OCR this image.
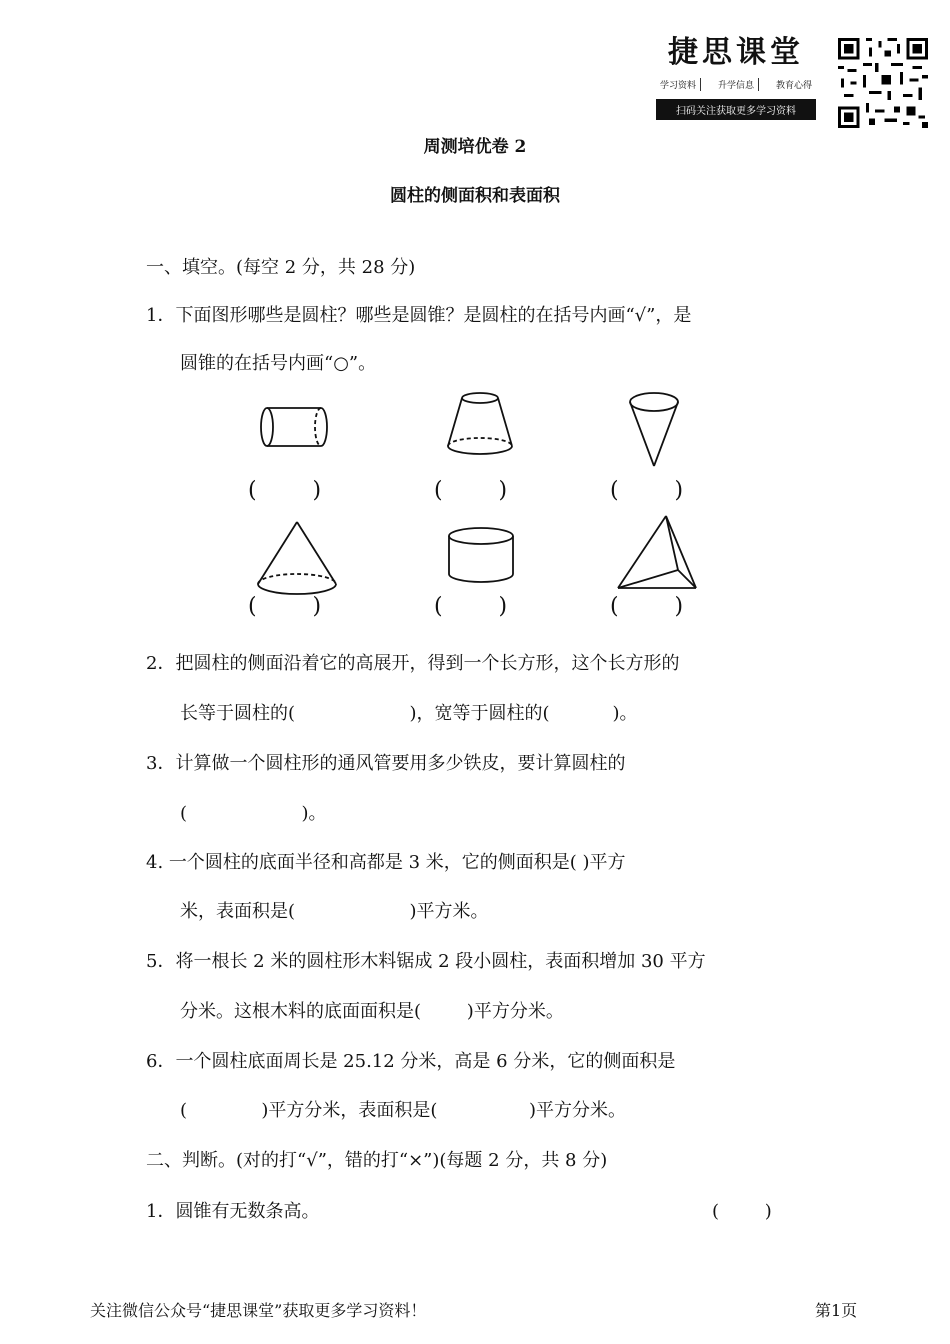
捷思课堂
学习资料	升学信息	教育心得
扫码关注获取更多学习资料
周测培优卷 2
圆柱的侧面积和表面积
一、填空。(每空 2 分，共 28 分)
1．下面图形哪些是圆柱？哪些是圆锥？是圆柱的在括号内画“√”，是
圆锥的在括号内画“○”。
(        )	(        )	(        )
(        )	(        )	(        )
2．把圆柱的侧面沿着它的高展开，得到一个长方形，这个长方形的
长等于圆柱的(                    )，宽等于圆柱的(           )。
3．计算做一个圆柱形的通风管要用多少铁皮，要计算圆柱的
(                    )。
4. 一个圆柱的底面半径和高都是 3 米，它的侧面积是( )平方
米，表面积是(                    )平方米。
5．将一根长 2 米的圆柱形木料锯成 2 段小圆柱，表面积增加 30 平方
分米。这根木料的底面面积是(        )平方分米。
6．一个圆柱底面周长是 25.12 分米，高是 6 分米，它的侧面积是
(             )平方分米，表面积是(                )平方分米。
二、判断。(对的打“√”，错的打“×”)(每题 2 分，共 8 分)
1．圆锥有无数条高。	(        )
关注微信公众号“捷思课堂”获取更多学习资料！	第1页
